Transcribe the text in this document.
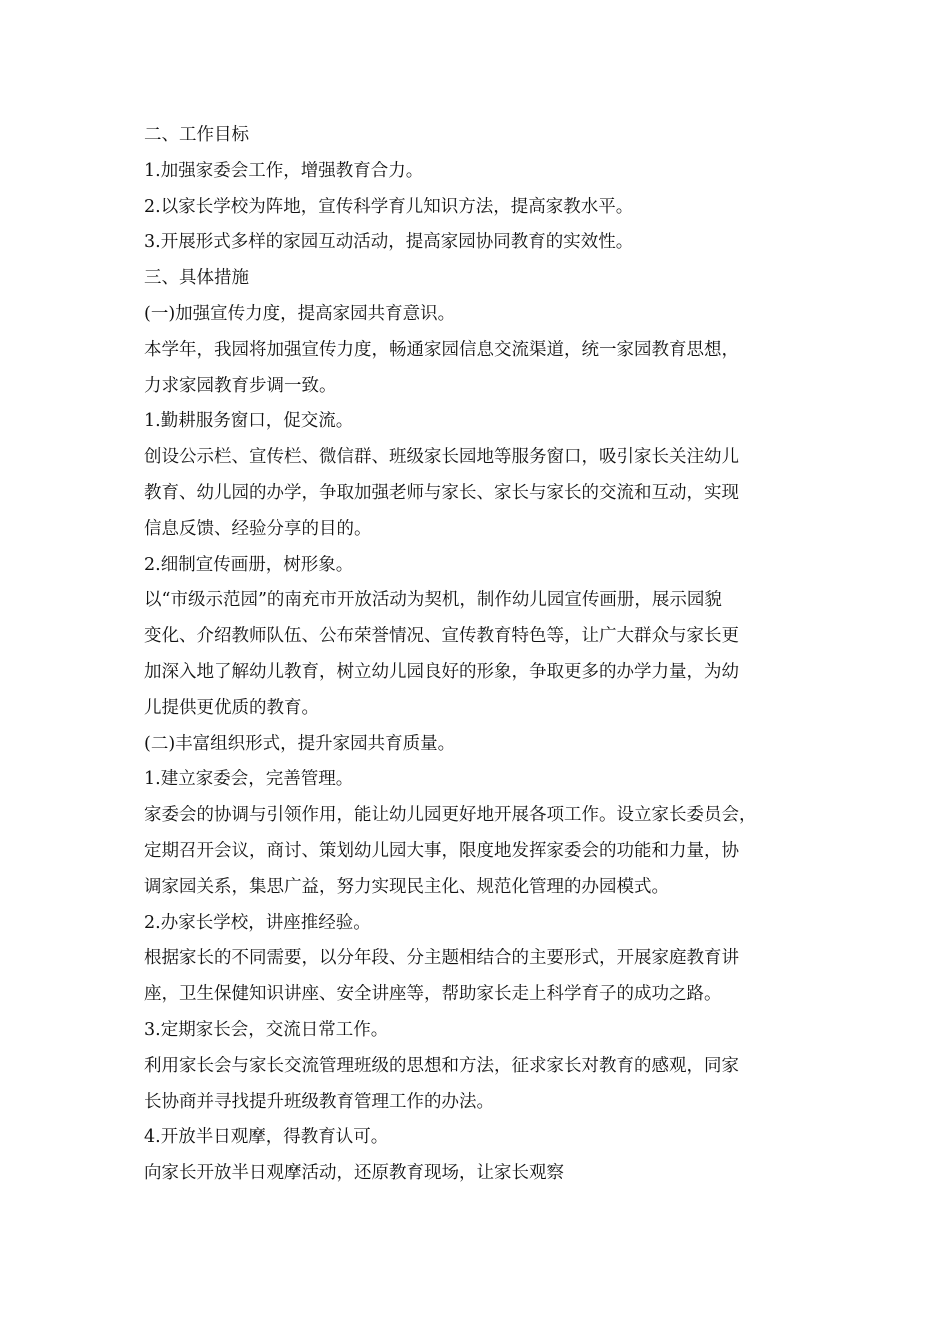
二、工作目标

1.加强家委会工作，增强教育合力。

2.以家长学校为阵地，宣传科学育儿知识方法，提高家教水平。

3.开展形式多样的家园互动活动，提高家园协同教育的实效性。

三、具体措施

(一)加强宣传力度，提高家园共育意识。

本学年，我园将加强宣传力度，畅通家园信息交流渠道，统一家园教育思想，

力求家园教育步调一致。

1.勤耕服务窗口，促交流。

创设公示栏、宣传栏、微信群、班级家长园地等服务窗口，吸引家长关注幼儿

教育、幼儿园的办学，争取加强老师与家长、家长与家长的交流和互动，实现

信息反馈、经验分享的目的。

2.细制宣传画册，树形象。

以“市级示范园”的南充市开放活动为契机，制作幼儿园宣传画册，展示园貌

变化、介绍教师队伍、公布荣誉情况、宣传教育特色等，让广大群众与家长更

加深入地了解幼儿教育，树立幼儿园良好的形象，争取更多的办学力量，为幼

儿提供更优质的教育。

(二)丰富组织形式，提升家园共育质量。

1.建立家委会，完善管理。

家委会的协调与引领作用，能让幼儿园更好地开展各项工作。设立家长委员会，

定期召开会议，商讨、策划幼儿园大事，限度地发挥家委会的功能和力量，协

调家园关系，集思广益，努力实现民主化、规范化管理的办园模式。

2.办家长学校，讲座推经验。

根据家长的不同需要，以分年段、分主题相结合的主要形式，开展家庭教育讲

座，卫生保健知识讲座、安全讲座等，帮助家长走上科学育子的成功之路。

3.定期家长会，交流日常工作。

利用家长会与家长交流管理班级的思想和方法，征求家长对教育的感观，同家

长协商并寻找提升班级教育管理工作的办法。

4.开放半日观摩，得教育认可。

向家长开放半日观摩活动，还原教育现场，让家长观察
